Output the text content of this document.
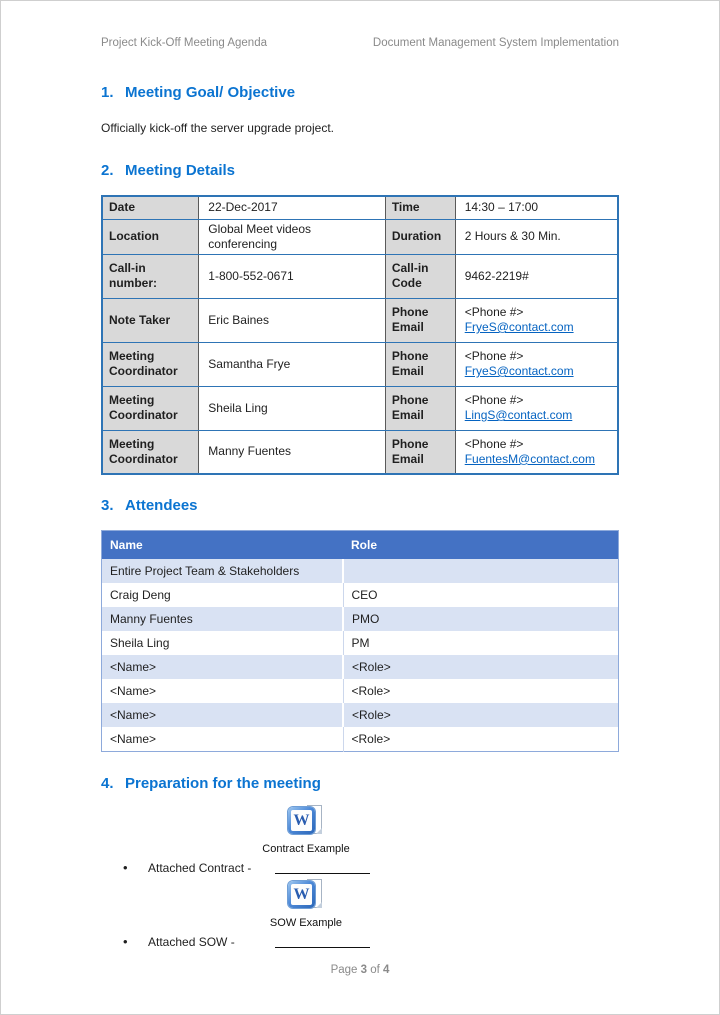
Project Kick-Off Meeting Agenda	Document Management System Implementation
1. Meeting Goal/ Objective
Officially kick-off the server upgrade project.
2. Meeting Details
Date	22-Dec-2017	Time	14:30 – 17:00
Location	Global Meet videos conferencing	Duration	2 Hours & 30 Min.
Call-in number:	1-800-552-0671	Call-in Code	9462-2219#
Note Taker	Eric Baines	Phone Email	<Phone #>
FryeS@contact.com
Meeting Coordinator	Samantha Frye	Phone Email	<Phone #>
FryeS@contact.com
Meeting Coordinator	Sheila Ling	Phone Email	<Phone #>
LingS@contact.com
Meeting Coordinator	Manny Fuentes	Phone Email	<Phone #>
FuentesM@contact.com
3. Attendees
Name	Role
Entire Project Team & Stakeholders	
Craig Deng	CEO
Manny Fuentes	PMO
Sheila Ling	PM
<Name>	<Role>
<Name>	<Role>
<Name>	<Role>
<Name>	<Role>
4. Preparation for the meeting
W
Contract Example
• Attached Contract -
W
SOW Example
• Attached SOW -
Page 3 of 4
